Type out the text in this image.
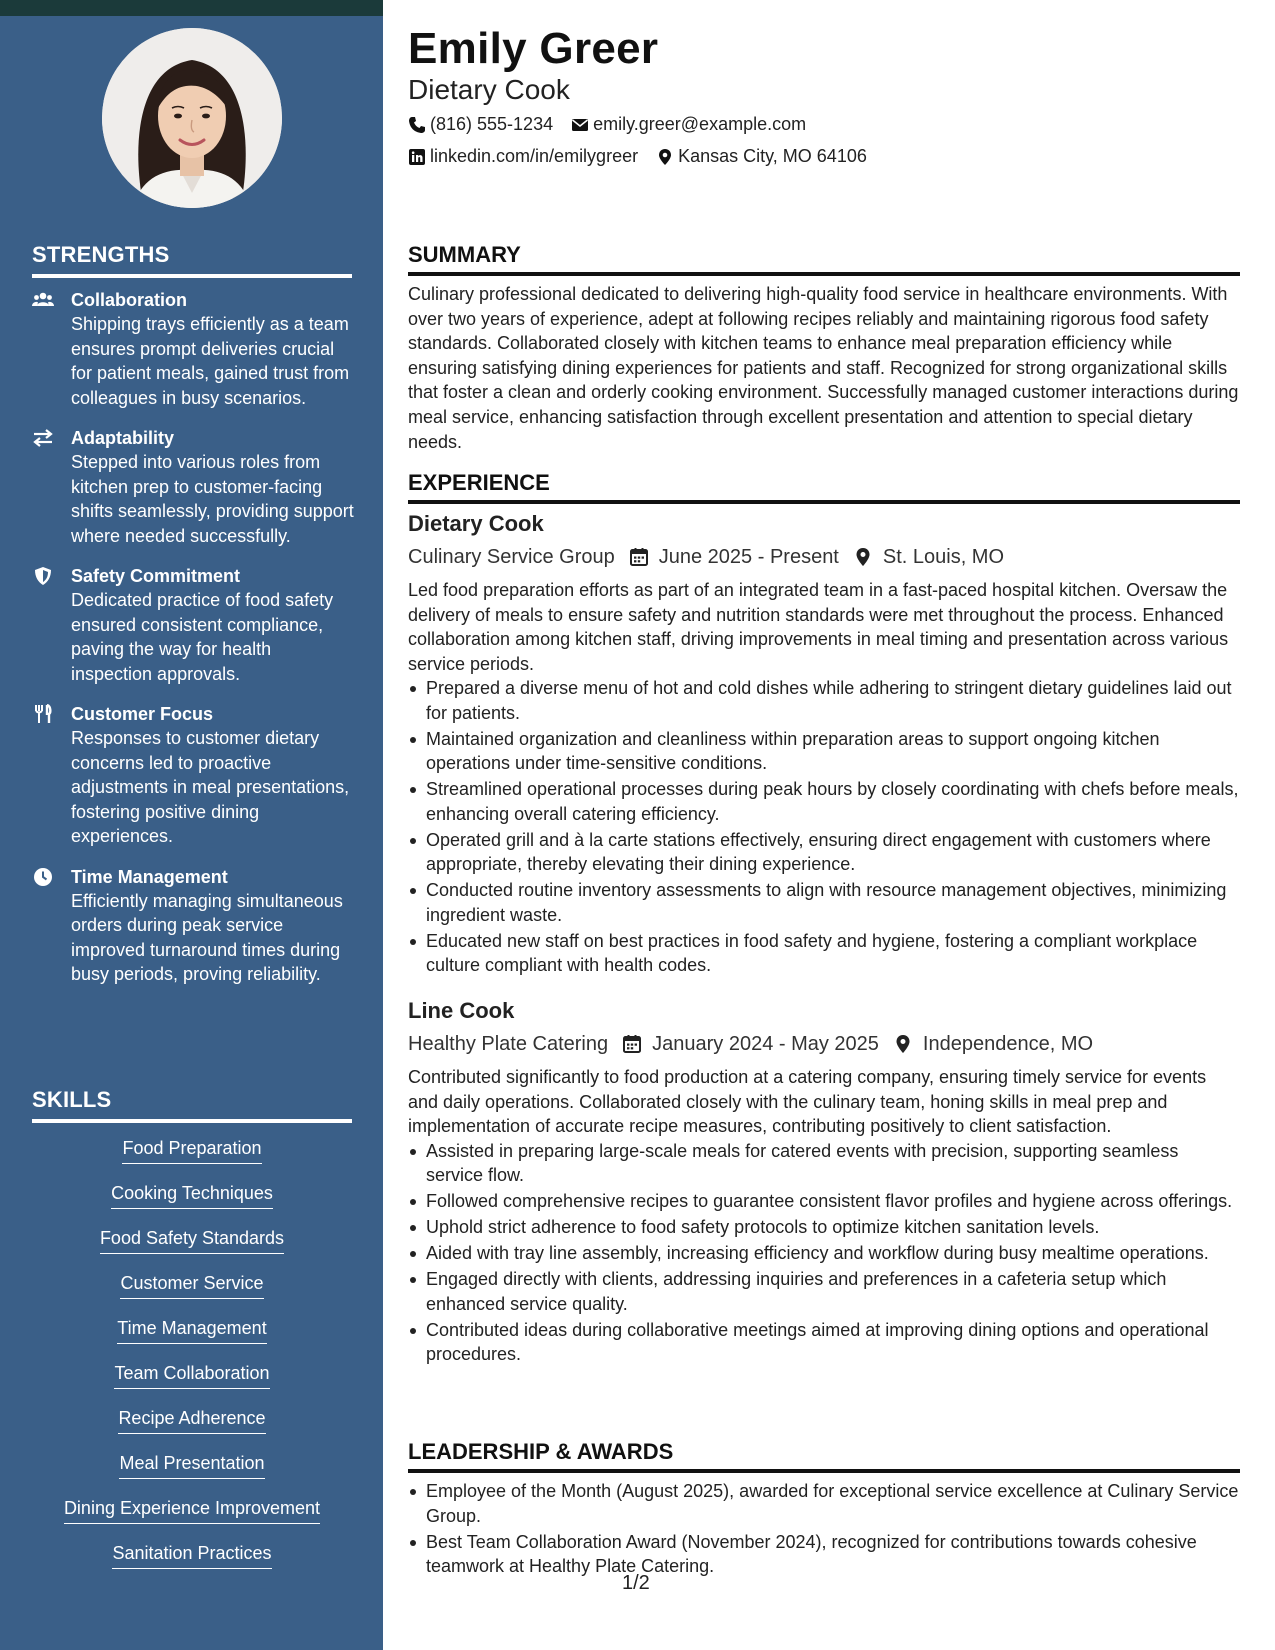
STRENGTHS
Collaboration
Shipping trays efficiently as a team ensures prompt deliveries crucial for patient meals, gained trust from colleagues in busy scenarios.
Adaptability
Stepped into various roles from kitchen prep to customer-facing shifts seamlessly, providing support where needed successfully.
Safety Commitment
Dedicated practice of food safety ensured consistent compliance, paving the way for health inspection approvals.
Customer Focus
Responses to customer dietary concerns led to proactive adjustments in meal presentations, fostering positive dining experiences.
Time Management
Efficiently managing simultaneous orders during peak service improved turnaround times during busy periods, proving reliability.
SKILLS
Food Preparation
Cooking Techniques
Food Safety Standards
Customer Service
Time Management
Team Collaboration
Recipe Adherence
Meal Presentation
Dining Experience Improvement
Sanitation Practices
Emily Greer
Dietary Cook
(816) 555-1234 emily.greer@example.com
linkedin.com/in/emilygreer Kansas City, MO 64106
SUMMARY

Culinary professional dedicated to delivering high-quality food service in healthcare environments. With over two years of experience, adept at following recipes reliably and maintaining rigorous food safety standards. Collaborated closely with kitchen teams to enhance meal preparation efficiency while ensuring satisfying dining experiences for patients and staff. Recognized for strong organizational skills that foster a clean and orderly cooking environment. Successfully managed customer interactions during meal service, enhancing satisfaction through excellent presentation and attention to special dietary needs.

EXPERIENCE
Dietary Cook
Culinary Service Group June 2025 - Present St. Louis, MO

Led food preparation efforts as part of an integrated team in a fast-paced hospital kitchen. Oversaw the delivery of meals to ensure safety and nutrition standards were met throughout the process. Enhanced collaboration among kitchen staff, driving improvements in meal timing and presentation across various service periods.

Prepared a diverse menu of hot and cold dishes while adhering to stringent dietary guidelines laid out for patients.
Maintained organization and cleanliness within preparation areas to support ongoing kitchen operations under time-sensitive conditions.
Streamlined operational processes during peak hours by closely coordinating with chefs before meals, enhancing overall catering efficiency.
Operated grill and à la carte stations effectively, ensuring direct engagement with customers where appropriate, thereby elevating their dining experience.
Conducted routine inventory assessments to align with resource management objectives, minimizing ingredient waste.
Educated new staff on best practices in food safety and hygiene, fostering a compliant workplace culture compliant with health codes.
Line Cook
Healthy Plate Catering January 2024 - May 2025 Independence, MO

Contributed significantly to food production at a catering company, ensuring timely service for events and daily operations. Collaborated closely with the culinary team, honing skills in meal prep and implementation of accurate recipe measures, contributing positively to client satisfaction.

Assisted in preparing large-scale meals for catered events with precision, supporting seamless service flow.
Followed comprehensive recipes to guarantee consistent flavor profiles and hygiene across offerings.
Uphold strict adherence to food safety protocols to optimize kitchen sanitation levels.
Aided with tray line assembly, increasing efficiency and workflow during busy mealtime operations.
Engaged directly with clients, addressing inquiries and preferences in a cafeteria setup which enhanced service quality.
Contributed ideas during collaborative meetings aimed at improving dining options and operational procedures.
LEADERSHIP & AWARDS
Employee of the Month (August 2025), awarded for exceptional service excellence at Culinary Service Group.
Best Team Collaboration Award (November 2024), recognized for contributions towards cohesive teamwork at Healthy Plate Catering.
1/2
